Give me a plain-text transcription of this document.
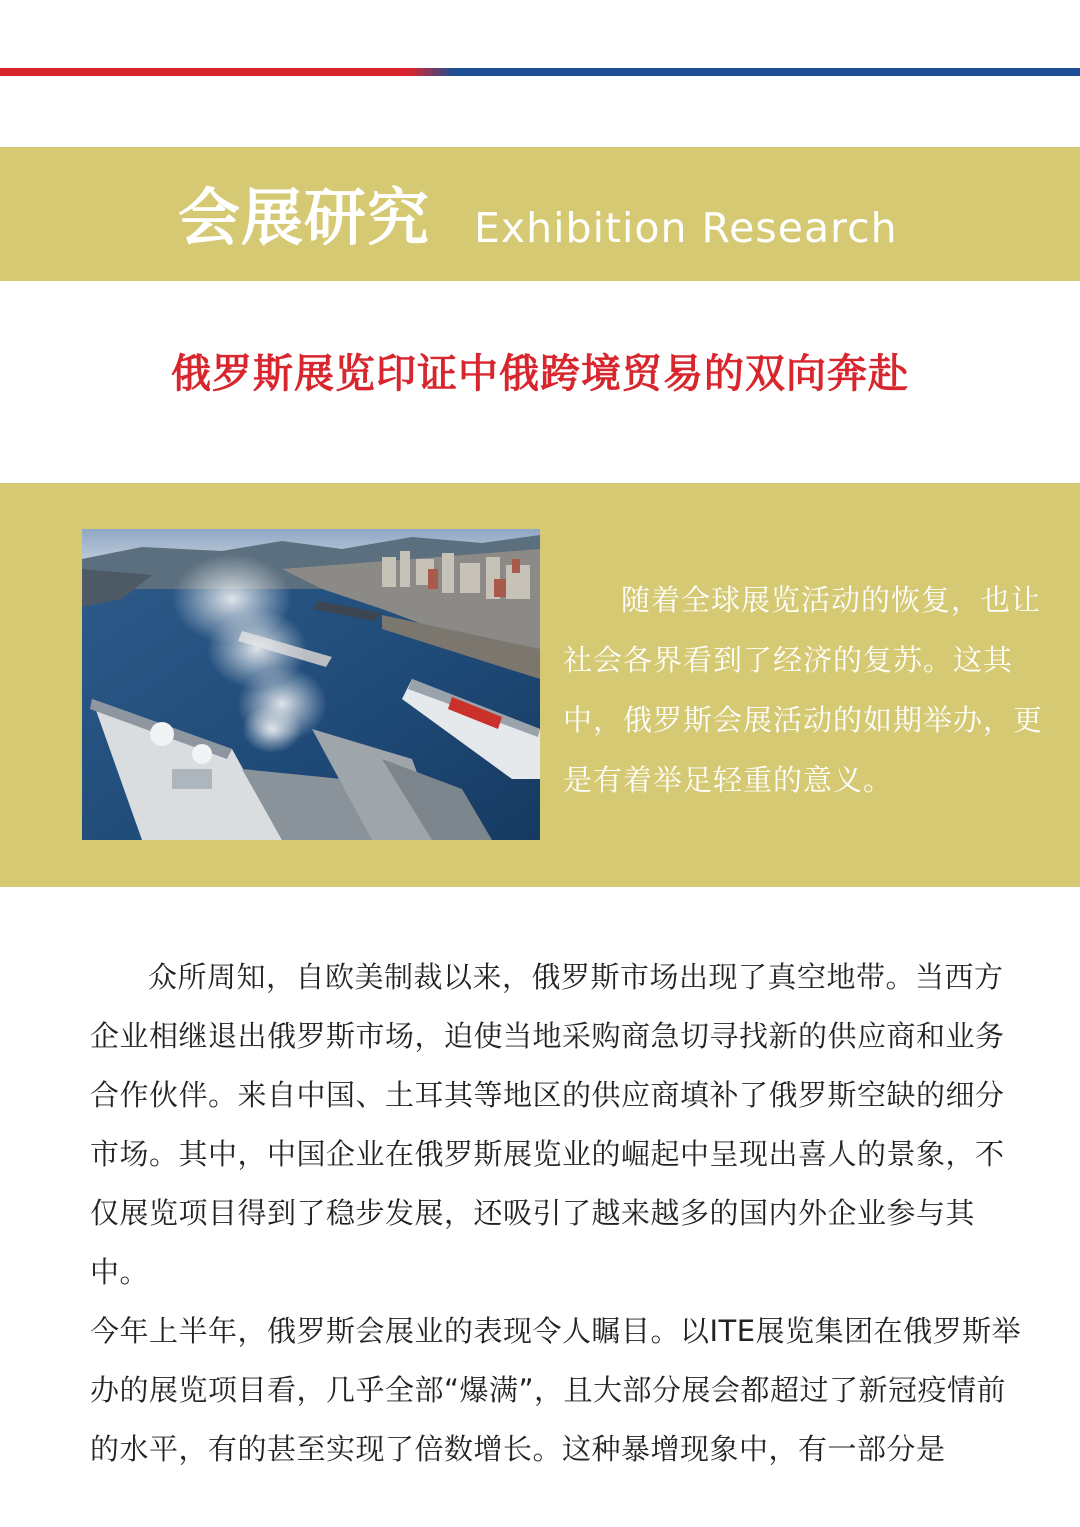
会展研究 Exhibition Research
俄罗斯展览印证中俄跨境贸易的双向奔赴

随着全球展览活动的恢复，也让社会各界看到了经济的复苏。这其中，俄罗斯会展活动的如期举办，更是有着举足轻重的意义。

众所周知，自欧美制裁以来，俄罗斯市场出现了真空地带。当西方企业相继退出俄罗斯市场，迫使当地采购商急切寻找新的供应商和业务合作伙伴。来自中国、土耳其等地区的供应商填补了俄罗斯空缺的细分市场。其中，中国企业在俄罗斯展览业的崛起中呈现出喜人的景象，不仅展览项目得到了稳步发展，还吸引了越来越多的国内外企业参与其中。

今年上半年，俄罗斯会展业的表现令人瞩目。以ITE展览集团在俄罗斯举办的展览项目看，几乎全部“爆满”，且大部分展会都超过了新冠疫情前的水平，有的甚至实现了倍数增长。这种暴增现象中，有一部分是
